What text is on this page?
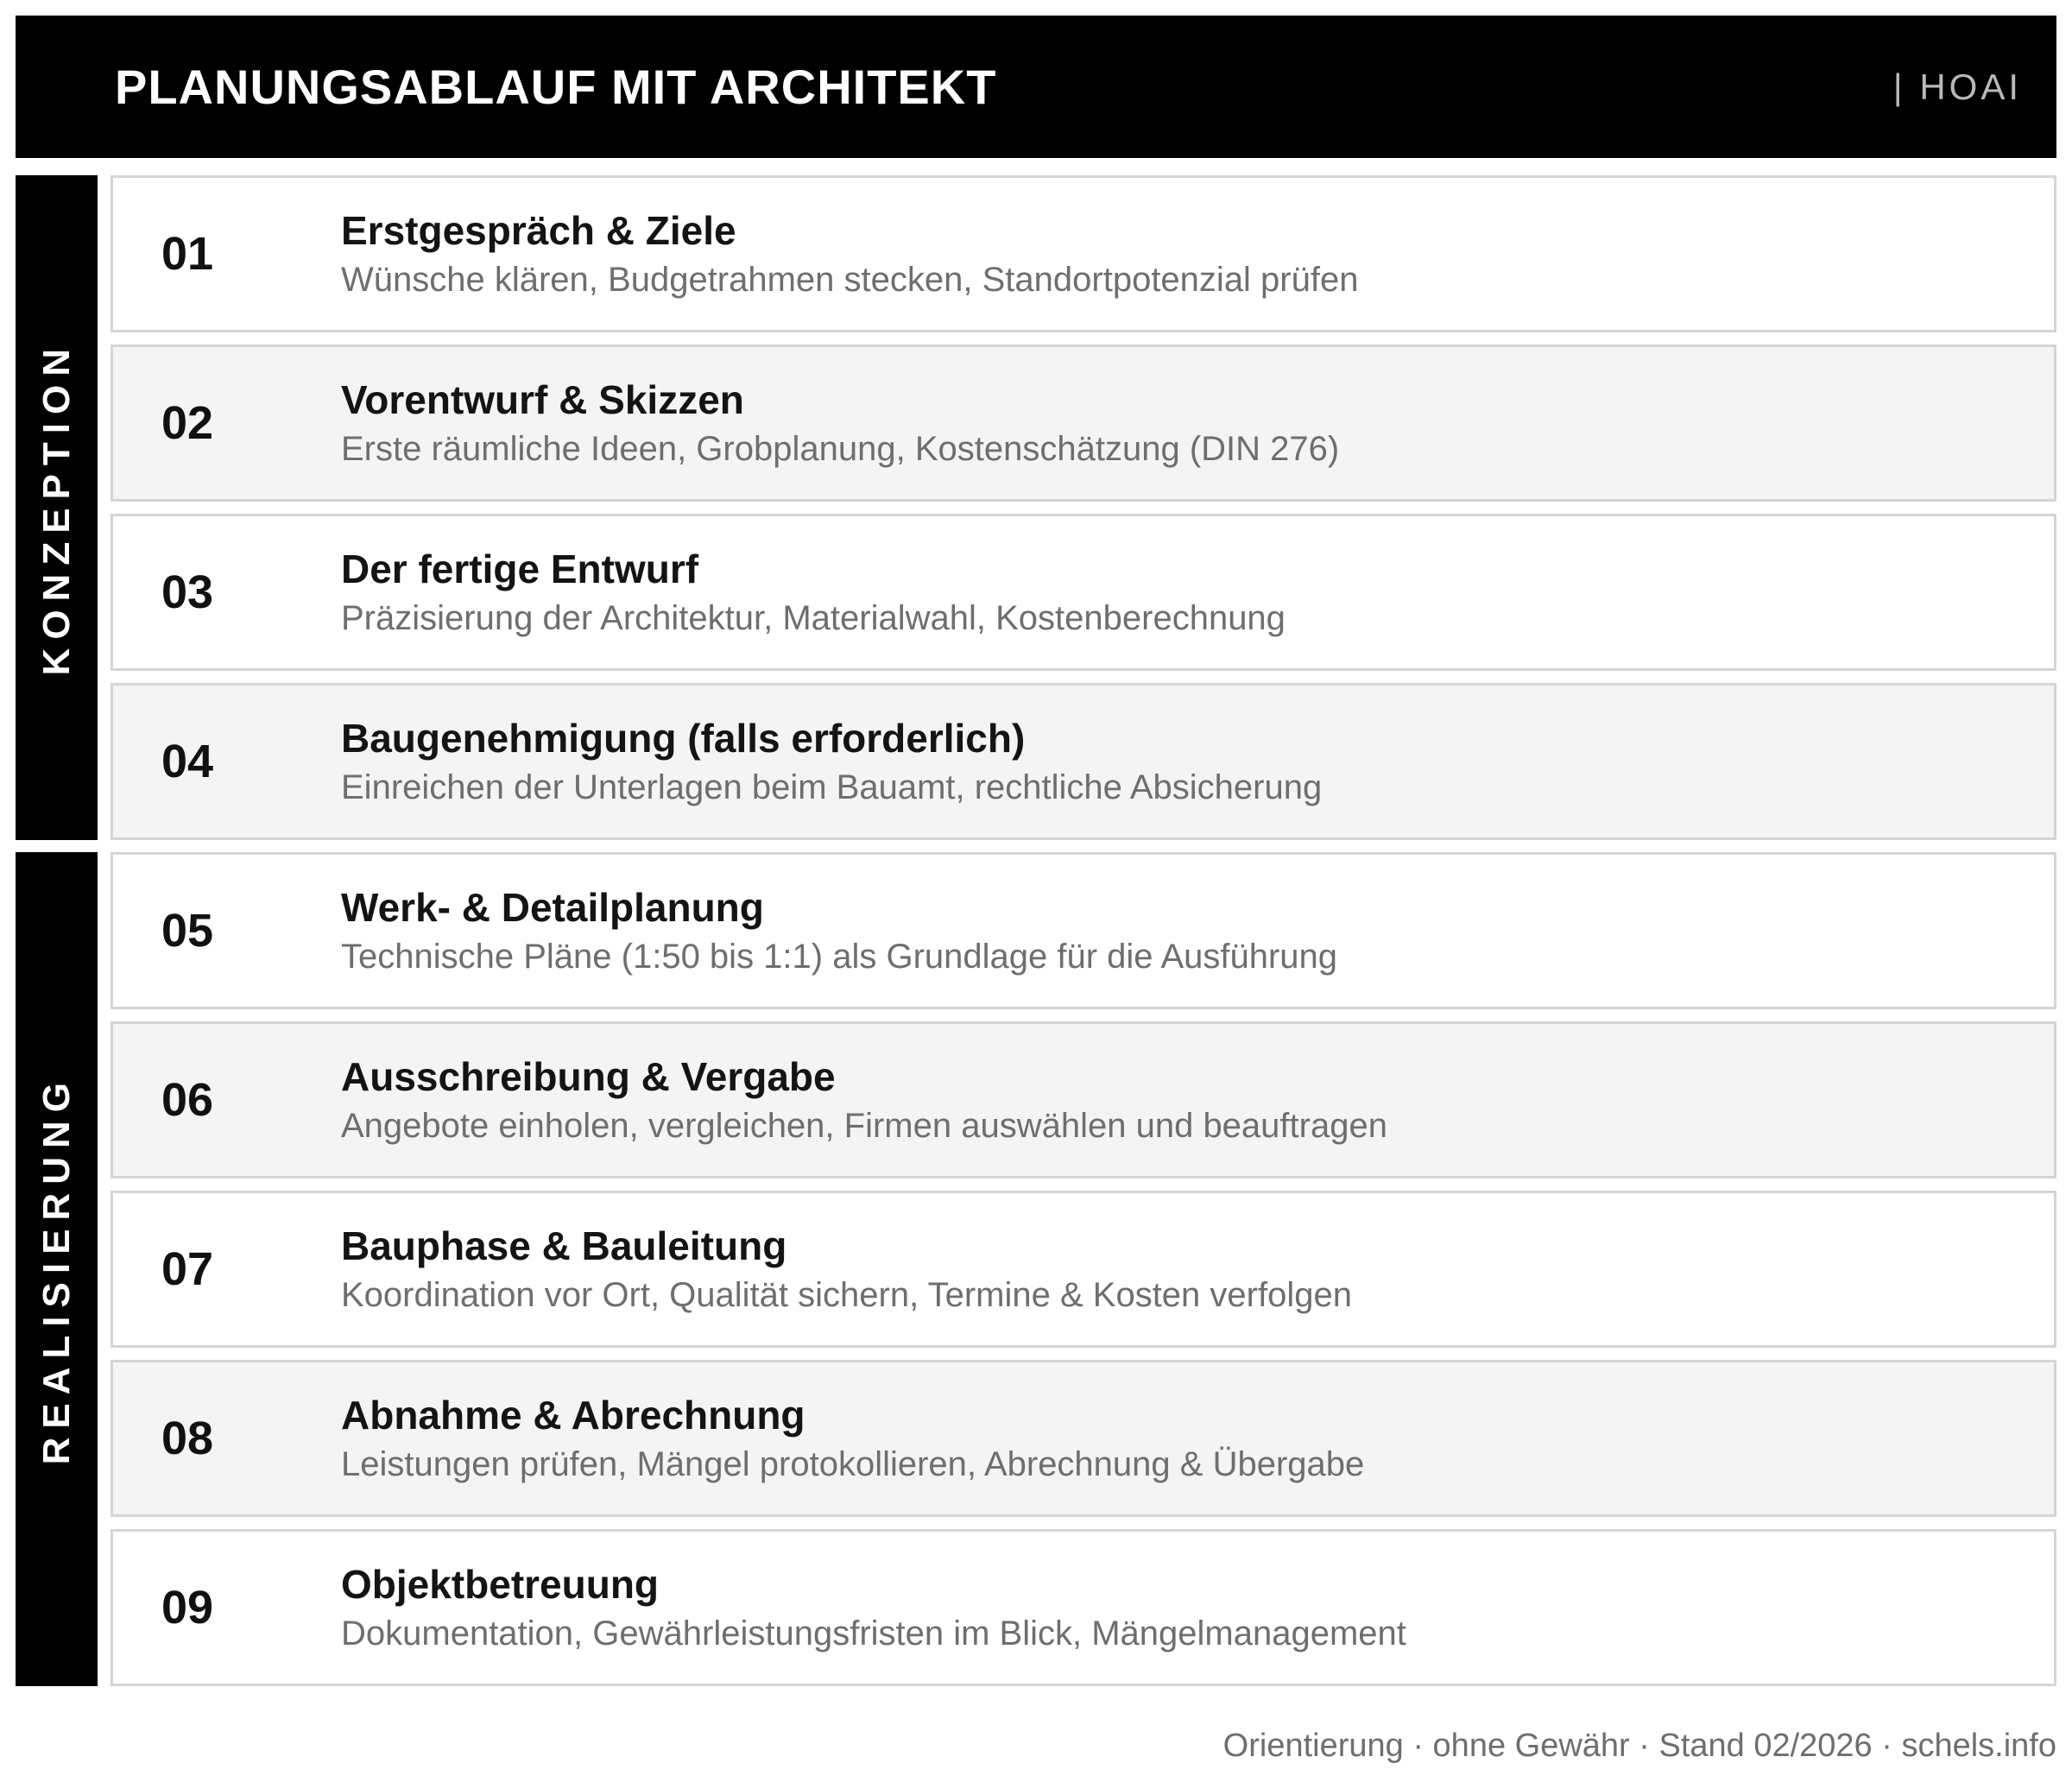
PLANUNGSABLAUF MIT ARCHITEKT	| HOAI
KONZEPTION
REALISIERUNG
01	Erstgespräch & Ziele
Wünsche klären, Budgetrahmen stecken, Standortpotenzial prüfen
02	Vorentwurf & Skizzen
Erste räumliche Ideen, Grobplanung, Kostenschätzung (DIN 276)
03	Der fertige Entwurf
Präzisierung der Architektur, Materialwahl, Kostenberechnung
04	Baugenehmigung (falls erforderlich)
Einreichen der Unterlagen beim Bauamt, rechtliche Absicherung
05	Werk- & Detailplanung
Technische Pläne (1:50 bis 1:1) als Grundlage für die Ausführung
06	Ausschreibung & Vergabe
Angebote einholen, vergleichen, Firmen auswählen und beauftragen
07	Bauphase & Bauleitung
Koordination vor Ort, Qualität sichern, Termine & Kosten verfolgen
08	Abnahme & Abrechnung
Leistungen prüfen, Mängel protokollieren, Abrechnung & Übergabe
09	Objektbetreuung
Dokumentation, Gewährleistungsfristen im Blick, Mängelmanagement
Orientierung · ohne Gewähr · Stand 02/2026 · schels.info
